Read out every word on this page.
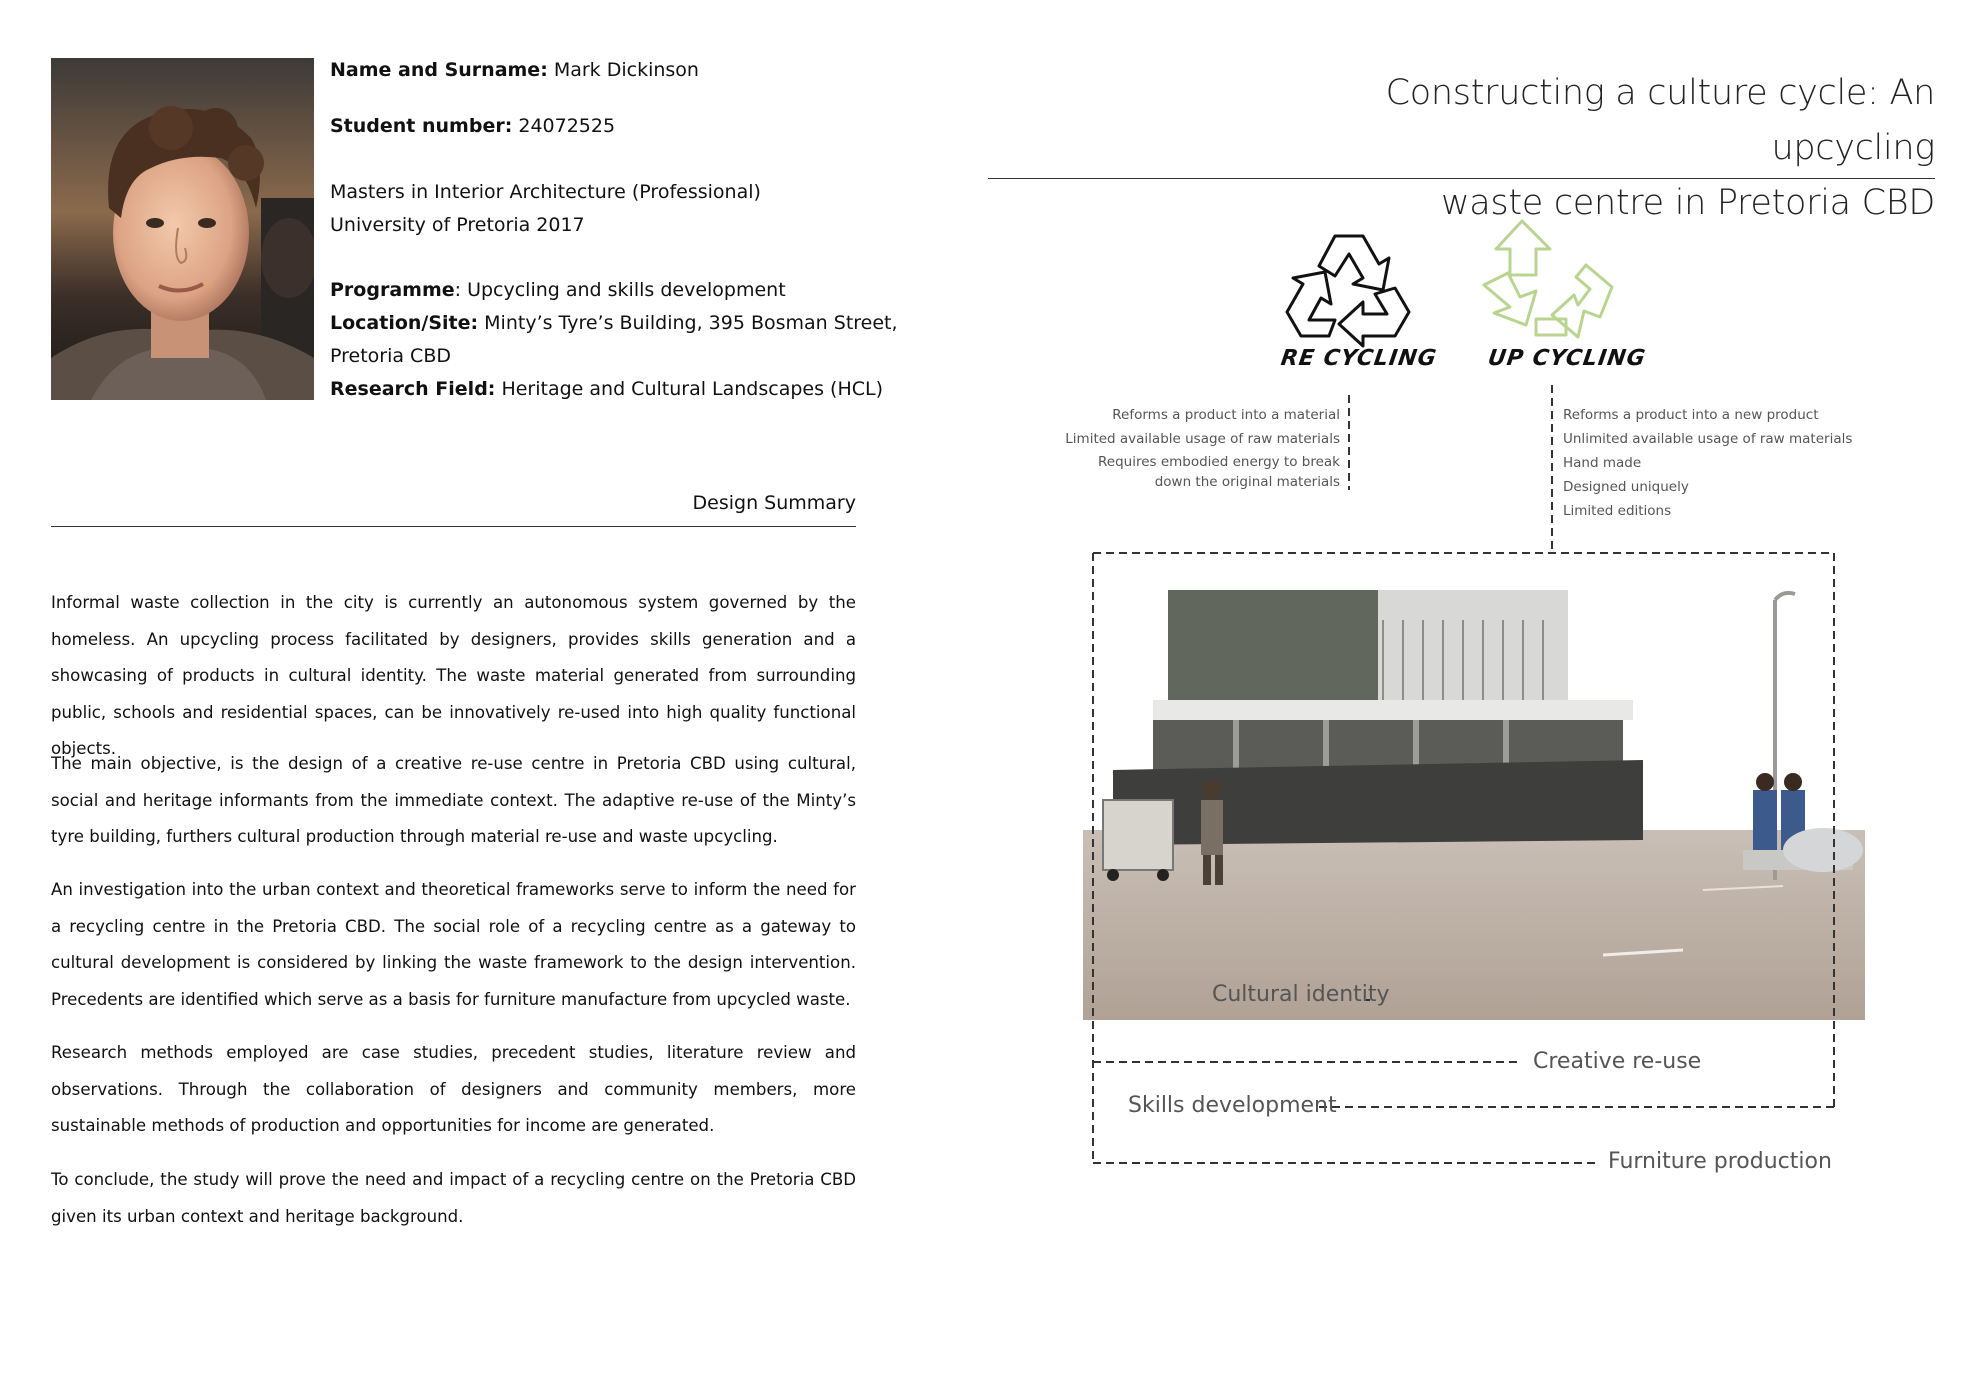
Name and Surname: Mark Dickinson
Student number: 24072525
Masters in Interior Architecture (Professional)
University of Pretoria 2017
Programme: Upcycling and skills development
Location/Site: Minty’s Tyre’s Building, 395 Bosman Street,
Pretoria CBD
Research Field: Heritage and Cultural Landscapes (HCL)
Design Summary
Informal waste collection in the city is currently an autonomous system governed by the homeless. An upcycling process facilitated by designers, provides skills generation and a showcasing of products in cultural identity. The waste material generated from surrounding public, schools and residential spaces, can be innovatively re-used into high quality functional objects.
The main objective, is the design of a creative re-use centre in Pretoria CBD using cultural, social and heritage informants from the immediate context. The adaptive re-use of the Minty’s tyre building, furthers cultural production through material re-use and waste upcycling.
An investigation into the urban context and theoretical frameworks serve to inform the need for a recycling centre in the Pretoria CBD. The social role of a recycling centre as a gateway to cultural development is considered by linking the waste framework to the design intervention. Precedents are identified which serve as a basis for furniture manufacture from upcycled waste.
Research methods employed are case studies, precedent studies, literature review and observations. Through the collaboration of designers and community members, more sustainable methods of production and opportunities for income are generated.
To conclude, the study will prove the need and impact of a recycling centre on the Pretoria CBD given its urban context and heritage background.
Constructing a culture cycle: An upcycling
waste centre in Pretoria CBD
RE CYCLING UP CYCLING
Reforms a product into a material
Limited available usage of raw materials
Requires embodied energy to break
down the original materials
Reforms a product into a new product
Unlimited available usage of raw materials
Hand made
Designed uniquely
Limited editions
Cultural identity
Creative re-use
Skills development
Furniture production
